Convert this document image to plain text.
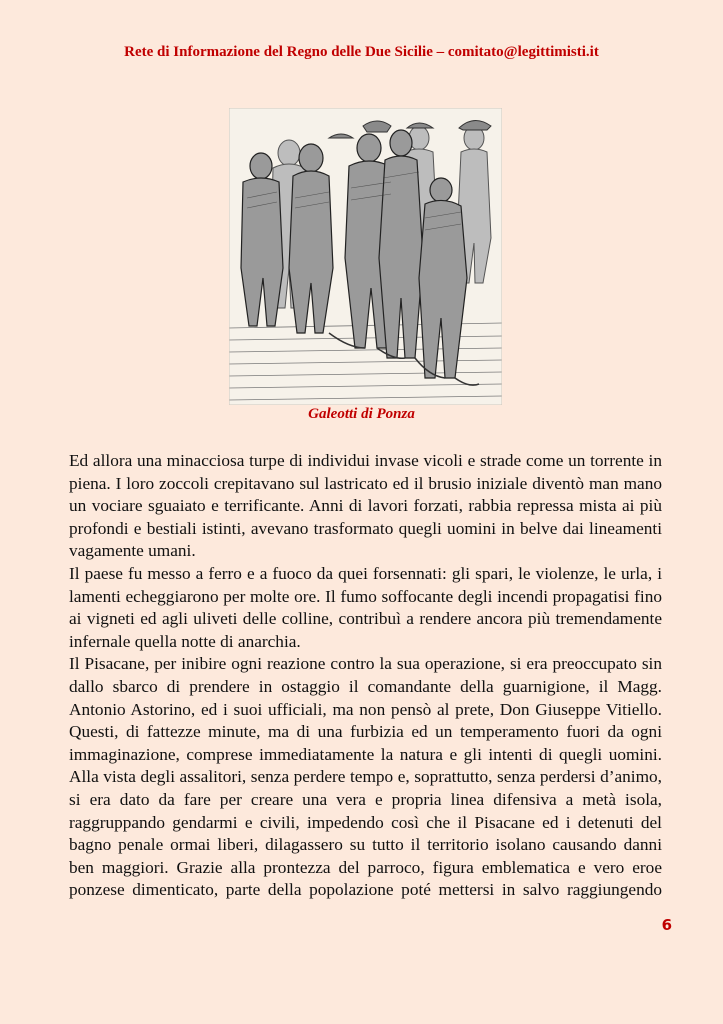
Rete di Informazione del Regno delle Due Sicilie – comitato@legittimisti.it
Galeotti di Ponza

Ed allora una minacciosa turpe di individui invase vicoli e strade come un torrente in piena. I loro zoccoli crepitavano sul lastricato ed il brusio iniziale diventò man mano un vociare sguaiato e terrificante. Anni di lavori forzati, rabbia repressa mista ai più profondi e bestiali istinti, avevano trasformato quegli uomini in belve dai lineamenti vagamente umani.

Il paese fu messo a ferro e a fuoco da quei forsennati: gli spari, le violenze, le urla, i lamenti echeggiarono per molte ore. Il fumo soffocante degli incendi propagatisi fino ai vigneti ed agli uliveti delle colline, contribuì a rendere ancora più tremendamente infernale quella notte di anarchia.

Il Pisacane, per inibire ogni reazione contro la sua operazione, si era preoccupato sin dallo sbarco di prendere in ostaggio il comandante della guarnigione, il Magg. Antonio Astorino, ed i suoi ufficiali, ma non pensò al prete, Don Giuseppe Vitiello. Questi, di fattezze minute, ma di una furbizia ed un temperamento fuori da ogni immaginazione, comprese immediatamente la natura e gli intenti di quegli uomini. Alla vista degli assalitori, senza perdere tempo e, soprattutto, senza perdersi d’animo, si era dato da fare per creare una vera e propria linea difensiva a metà isola, raggruppando gendarmi e civili, impedendo così che il Pisacane ed i detenuti del bagno penale ormai liberi, dilagassero su tutto il territorio isolano causando danni ben maggiori. Grazie alla prontezza del parroco, figura emblematica e vero eroe ponzese dimenticato, parte della popolazione poté mettersi in salvo raggiungendo

6
